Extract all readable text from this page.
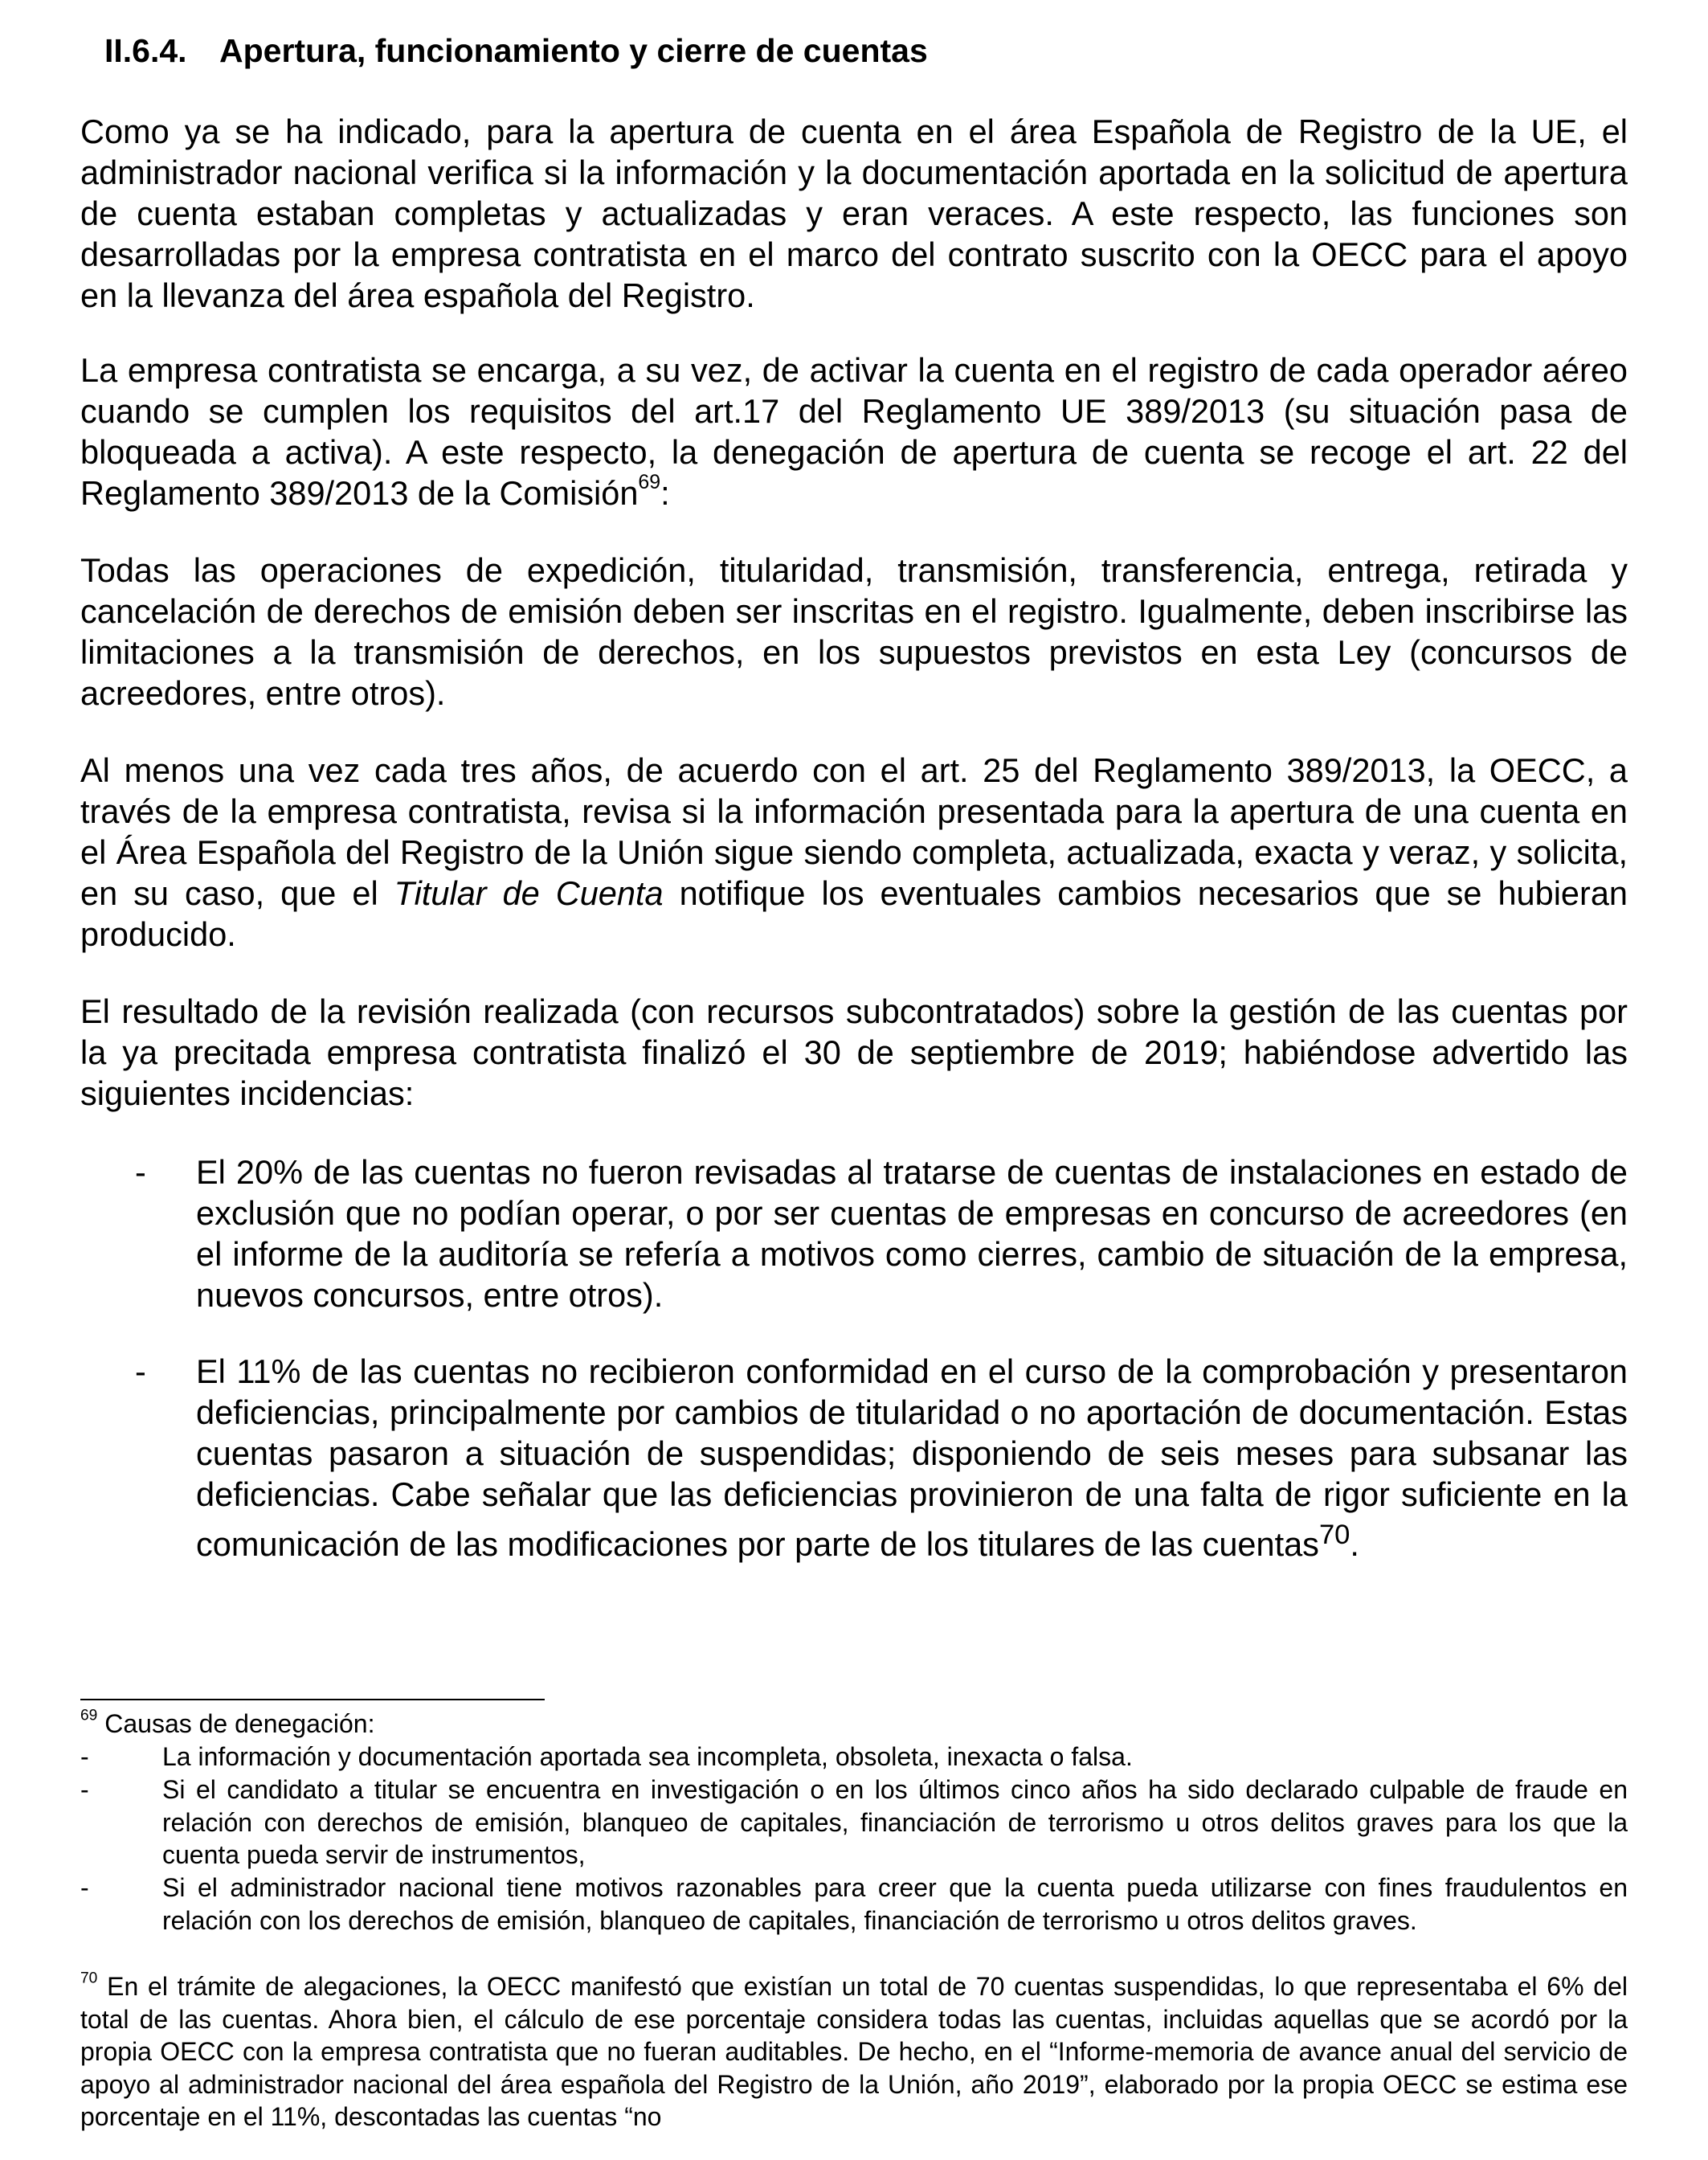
II.6.4. Apertura, funcionamiento y cierre de cuentas
Como ya se ha indicado, para la apertura de cuenta en el área Española de Registro de la UE, el administrador nacional verifica si la información y la documentación aportada en la solicitud de apertura de cuenta estaban completas y actualizadas y eran veraces. A este respecto, las funciones son desarrolladas por la empresa contratista en el marco del contrato suscrito con la OECC para el apoyo en la llevanza del área española del Registro.
La empresa contratista se encarga, a su vez, de activar la cuenta en el registro de cada operador aéreo cuando se cumplen los requisitos del art.17 del Reglamento UE 389/2013 (su situación pasa de bloqueada a activa). A este respecto, la denegación de apertura de cuenta se recoge el art. 22 del Reglamento 389/2013 de la Comisión$^{69}$:
Todas las operaciones de expedición, titularidad, transmisión, transferencia, entrega, retirada y cancelación de derechos de emisión deben ser inscritas en el registro. Igualmente, deben inscribirse las limitaciones a la transmisión de derechos, en los supuestos previstos en esta Ley (concursos de acreedores, entre otros).
Al menos una vez cada tres años, de acuerdo con el art. 25 del Reglamento 389/2013, la OECC, a través de la empresa contratista, revisa si la información presentada para la apertura de una cuenta en el Área Española del Registro de la Unión sigue siendo completa, actualizada, exacta y veraz, y solicita, en su caso, que el Titular de Cuenta notifique los eventuales cambios necesarios que se hubieran producido.
El resultado de la revisión realizada (con recursos subcontratados) sobre la gestión de las cuentas por la ya precitada empresa contratista finalizó el 30 de septiembre de 2019; habiéndose advertido las siguientes incidencias:
- El 20% de las cuentas no fueron revisadas al tratarse de cuentas de instalaciones en estado de exclusión que no podían operar, o por ser cuentas de empresas en concurso de acreedores (en el informe de la auditoría se refería a motivos como cierres, cambio de situación de la empresa, nuevos concursos, entre otros).
- El 11% de las cuentas no recibieron conformidad en el curso de la comprobación y presentaron deficiencias, principalmente por cambios de titularidad o no aportación de documentación. Estas cuentas pasaron a situación de suspendidas; disponiendo de seis meses para subsanar las deficiencias. Cabe señalar que las deficiencias provinieron de una falta de rigor suficiente en la comunicación de las modificaciones por parte de los titulares de las cuentas$^{70}$.
$^{69}$ Causas de denegación:
-	La información y documentación aportada sea incompleta, obsoleta, inexacta o falsa.
-	Si el candidato a titular se encuentra en investigación o en los últimos cinco años ha sido declarado culpable de fraude en relación con derechos de emisión, blanqueo de capitales, financiación de terrorismo u otros delitos graves para los que la cuenta pueda servir de instrumentos,
-	Si el administrador nacional tiene motivos razonables para creer que la cuenta pueda utilizarse con fines fraudulentos en relación con los derechos de emisión, blanqueo de capitales, financiación de terrorismo u otros delitos graves.
$^{70}$ En el trámite de alegaciones, la OECC manifestó que existían un total de 70 cuentas suspendidas, lo que representaba el 6% del total de las cuentas. Ahora bien, el cálculo de ese porcentaje considera todas las cuentas, incluidas aquellas que se acordó por la propia OECC con la empresa contratista que no fueran auditables. De hecho, en el “Informe-memoria de avance anual del servicio de apoyo al administrador nacional del área española del Registro de la Unión, año 2019”, elaborado por la propia OECC se estima ese porcentaje en el 11%, descontadas las cuentas “no
